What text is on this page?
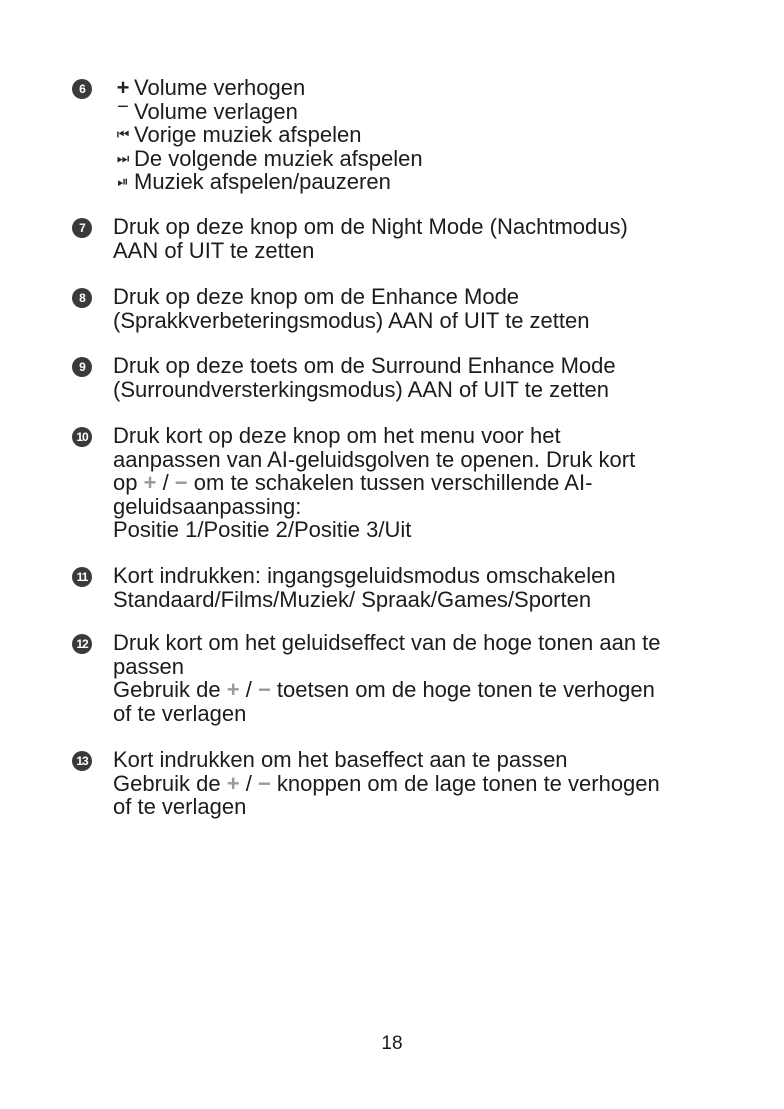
6	+ Volume verhogen
− Volume verlagen
⏮ Vorige muziek afspelen
⏭ De volgende muziek afspelen
⏯ Muziek afspelen/pauzeren
7	Druk op deze knop om de Night Mode (Nachtmodus)
AAN of UIT te zetten
8	Druk op deze knop om de Enhance Mode
(Sprakkverbeteringsmodus) AAN of UIT te zetten
9	Druk op deze toets om de Surround Enhance Mode
(Surroundversterkingsmodus) AAN of UIT te zetten
10 Druk kort op deze knop om het menu voor het
aanpassen van AI-geluidsgolven te openen. Druk kort
op + / − om te schakelen tussen verschillende AI-
geluidsaanpassing:
Positie 1/Positie 2/Positie 3/Uit
11 Kort indrukken: ingangsgeluidsmodus omschakelen
Standaard/Films/Muziek/ Spraak/Games/Sporten
12 Druk kort om het geluidseffect van de hoge tonen aan te
passen
Gebruik de + / − toetsen om de hoge tonen te verhogen
of te verlagen
13 Kort indrukken om het baseffect aan te passen
Gebruik de + / − knoppen om de lage tonen te verhogen
of te verlagen
18
